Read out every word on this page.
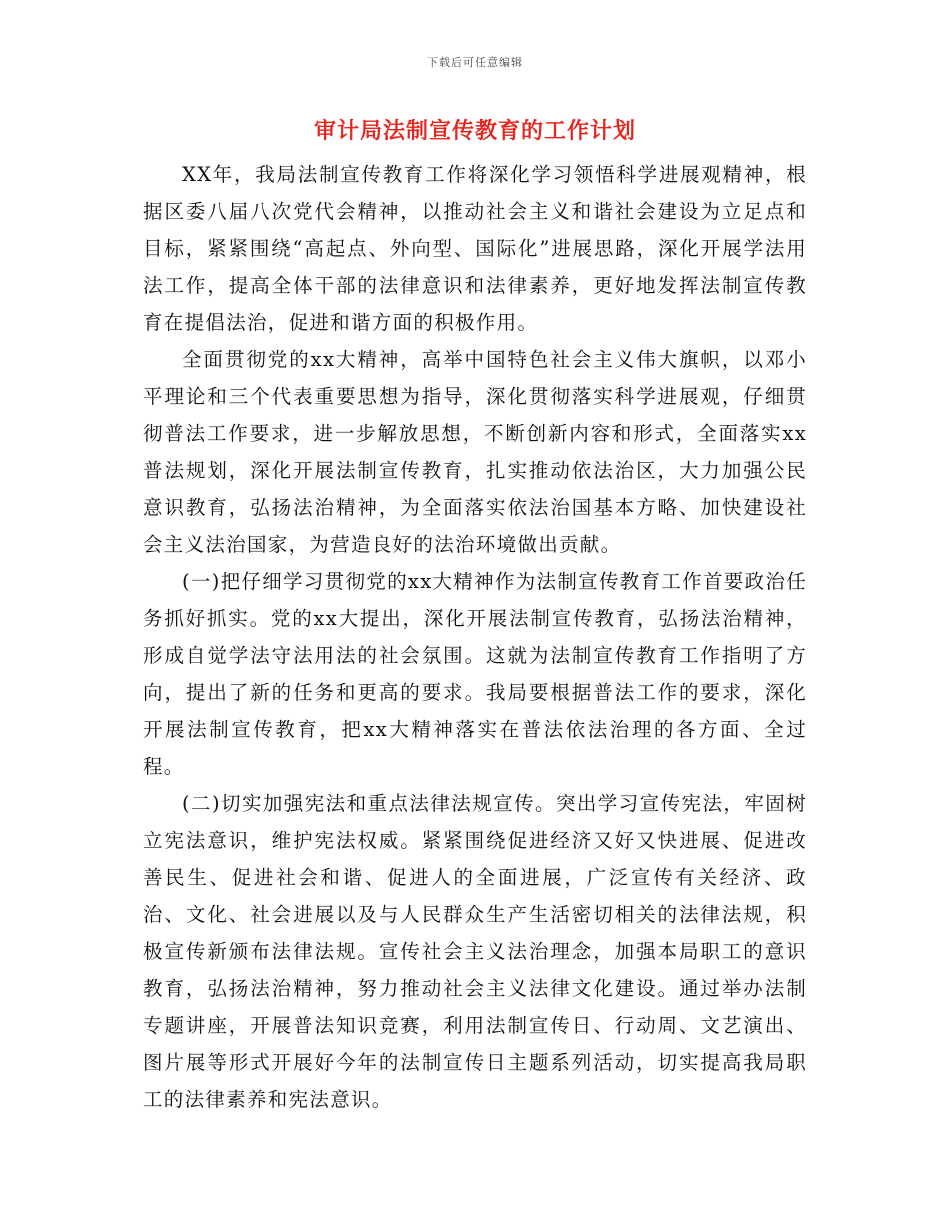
下载后可任意编辑
审计局法制宣传教育的工作计划

XX年，我局法制宣传教育工作将深化学习领悟科学进展观精神，根据区委八届八次党代会精神，以推动社会主义和谐社会建设为立足点和目标，紧紧围绕“高起点、外向型、国际化”进展思路，深化开展学法用法工作，提高全体干部的法律意识和法律素养，更好地发挥法制宣传教育在提倡法治，促进和谐方面的积极作用。

全面贯彻党的xx大精神，高举中国特色社会主义伟大旗帜，以邓小平理论和三个代表重要思想为指导，深化贯彻落实科学进展观，仔细贯彻普法工作要求，进一步解放思想，不断创新内容和形式，全面落实xx普法规划，深化开展法制宣传教育，扎实推动依法治区，大力加强公民意识教育，弘扬法治精神，为全面落实依法治国基本方略、加快建设社会主义法治国家，为营造良好的法治环境做出贡献。

(一)把仔细学习贯彻党的xx大精神作为法制宣传教育工作首要政治任务抓好抓实。党的xx大提出，深化开展法制宣传教育，弘扬法治精神，形成自觉学法守法用法的社会氛围。这就为法制宣传教育工作指明了方向，提出了新的任务和更高的要求。我局要根据普法工作的要求，深化开展法制宣传教育，把xx大精神落实在普法依法治理的各方面、全过程。

(二)切实加强宪法和重点法律法规宣传。突出学习宣传宪法，牢固树立宪法意识，维护宪法权威。紧紧围绕促进经济又好又快进展、促进改善民生、促进社会和谐、促进人的全面进展，广泛宣传有关经济、政治、文化、社会进展以及与人民群众生产生活密切相关的法律法规，积极宣传新颁布法律法规。宣传社会主义法治理念，加强本局职工的意识教育，弘扬法治精神，努力推动社会主义法律文化建设。通过举办法制专题讲座，开展普法知识竞赛，利用法制宣传日、行动周、文艺演出、图片展等形式开展好今年的法制宣传日主题系列活动，切实提高我局职工的法律素养和宪法意识。
